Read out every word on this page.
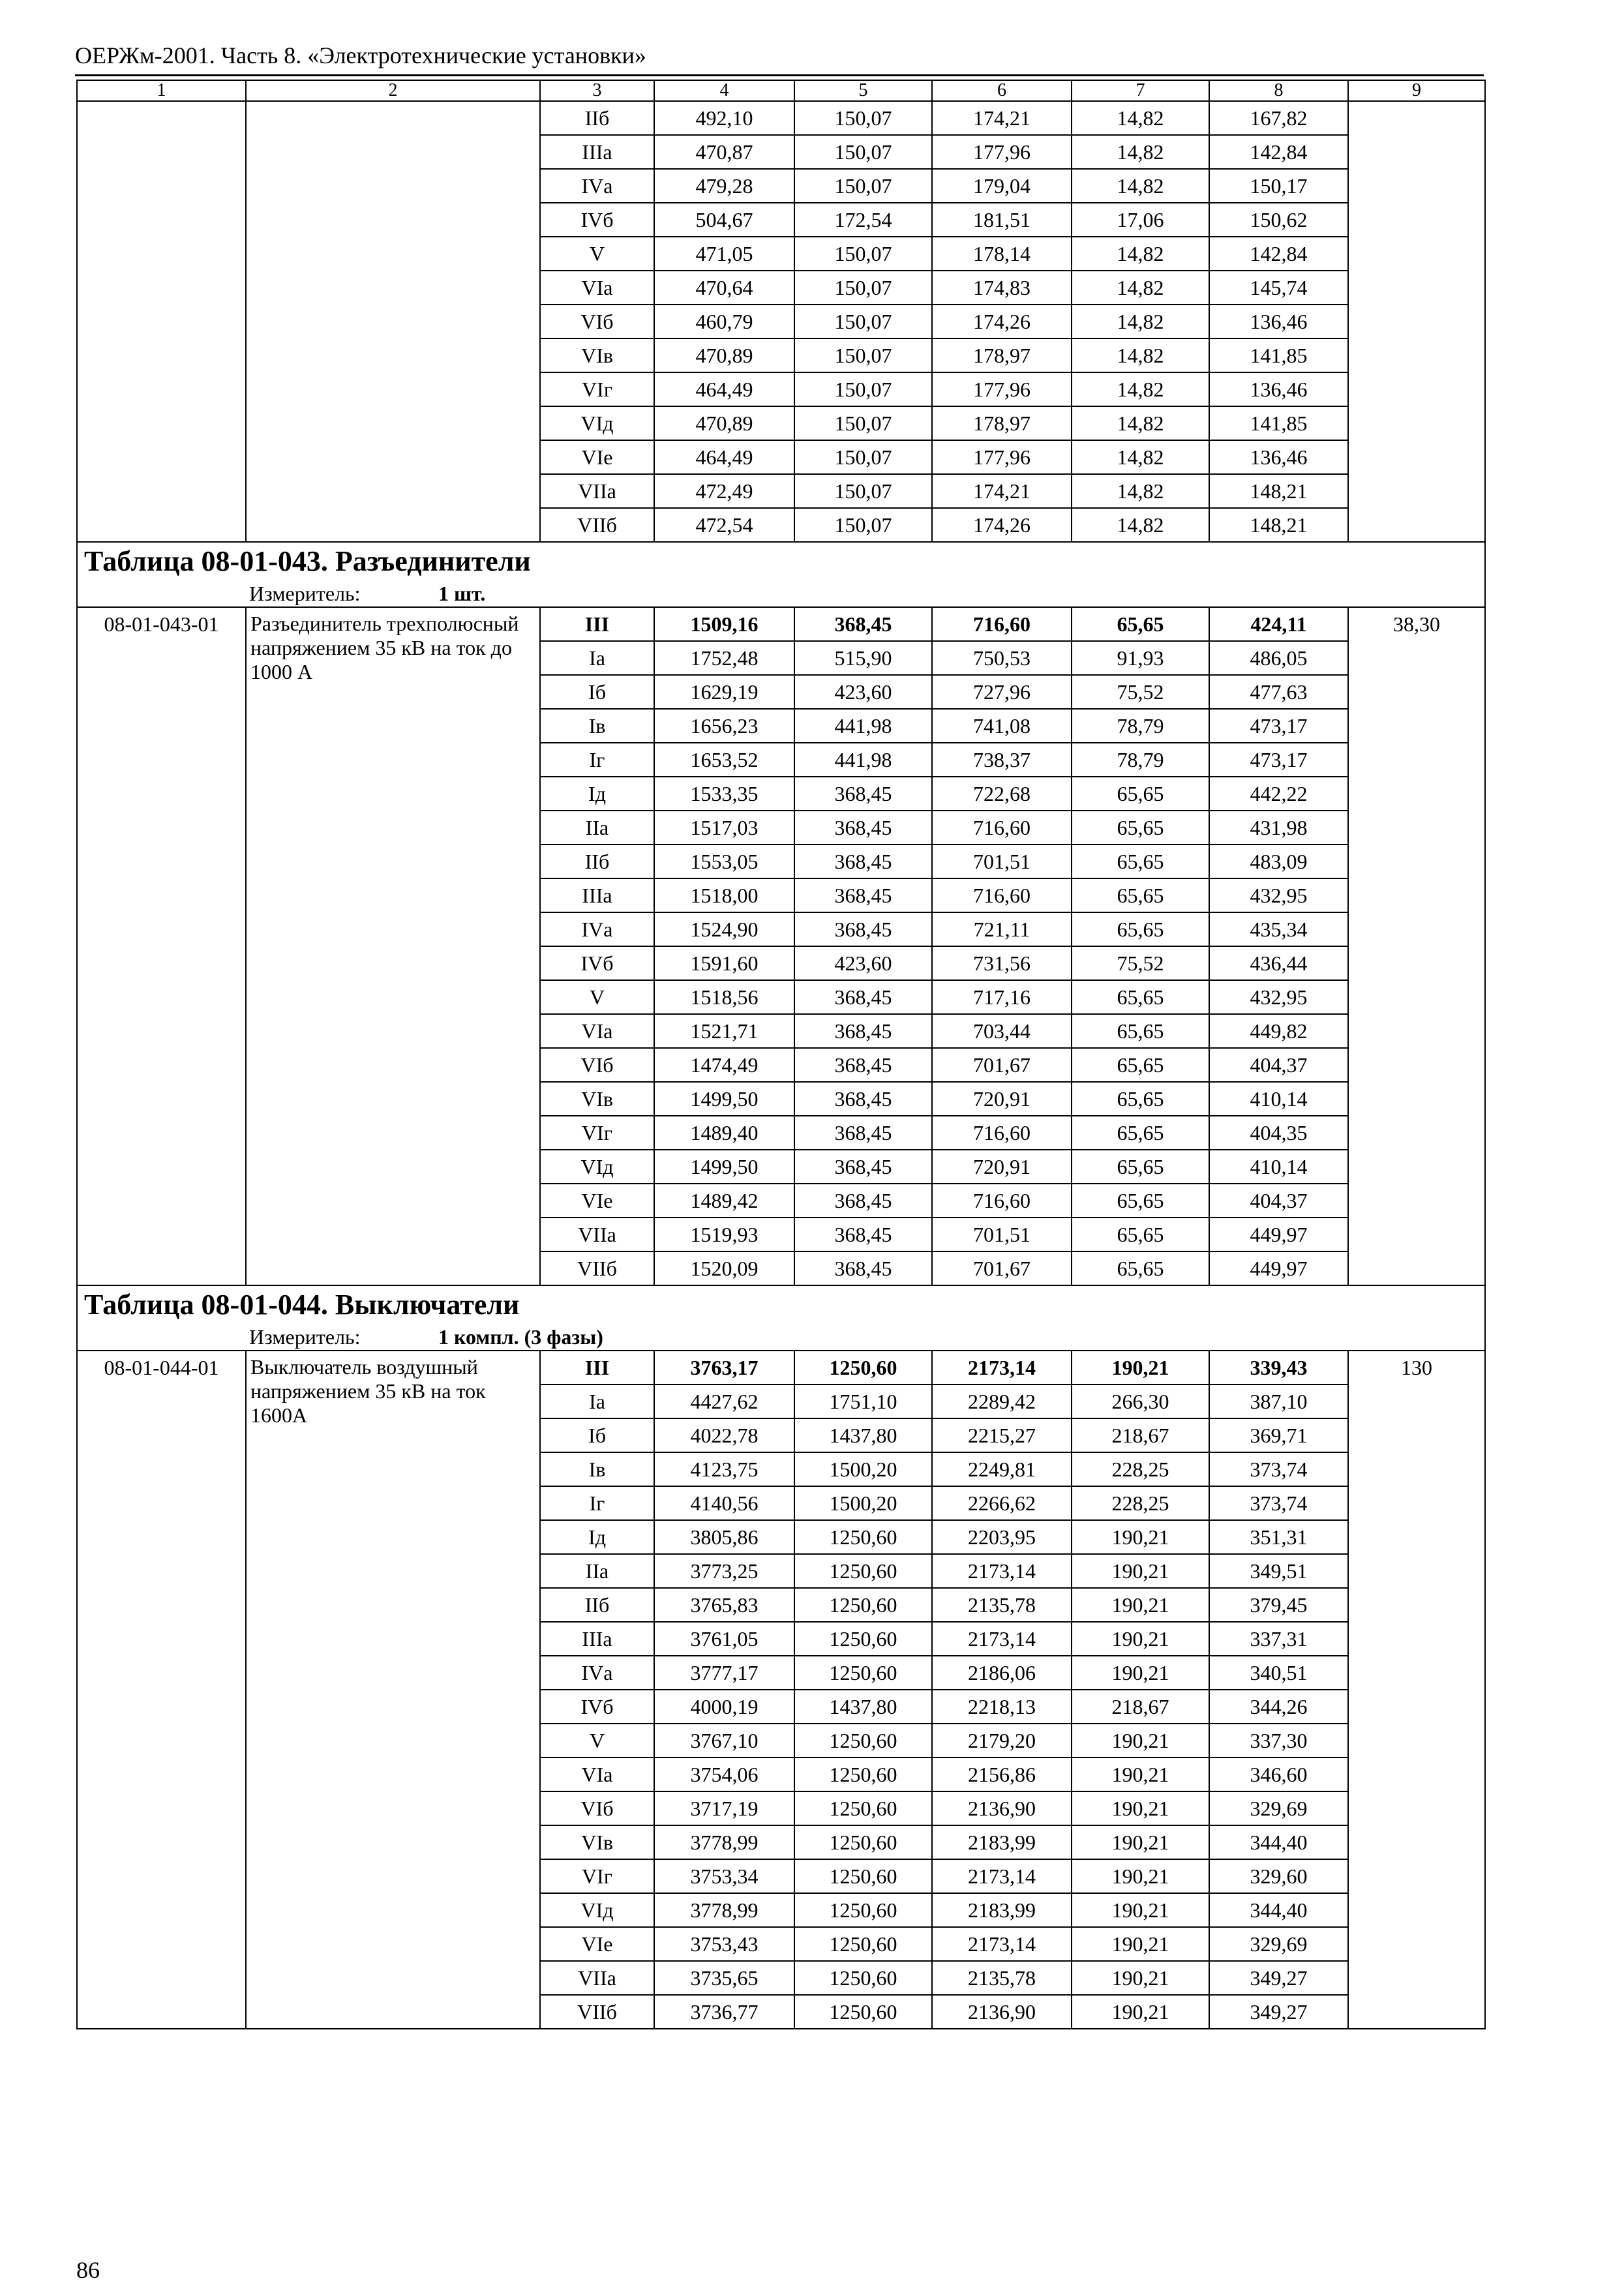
ОЕРЖм-2001. Часть 8. «Электротехнические установки»
1	2	3	4	5	6	7	8	9
		IIб	492,10	150,07	174,21	14,82	167,82	
		IIIа	470,87	150,07	177,96	14,82	142,84	
		IVа	479,28	150,07	179,04	14,82	150,17	
		IVб	504,67	172,54	181,51	17,06	150,62	
		V	471,05	150,07	178,14	14,82	142,84	
		VIа	470,64	150,07	174,83	14,82	145,74	
		VIб	460,79	150,07	174,26	14,82	136,46	
		VIв	470,89	150,07	178,97	14,82	141,85	
		VIг	464,49	150,07	177,96	14,82	136,46	
		VIд	470,89	150,07	178,97	14,82	141,85	
		VIе	464,49	150,07	177,96	14,82	136,46	
		VIIа	472,49	150,07	174,21	14,82	148,21	
		VIIб	472,54	150,07	174,26	14,82	148,21	
Таблица 08-01-043. Разъединители								
Измеритель: 1 шт.								
08-01-043-01	Разъединитель трехполюсный напряжением 35 кВ на ток до 1000 А	III	1509,16	368,45	716,60	65,65	424,11	38,30
		Iа	1752,48	515,90	750,53	91,93	486,05	
		Iб	1629,19	423,60	727,96	75,52	477,63	
		Iв	1656,23	441,98	741,08	78,79	473,17	
		Iг	1653,52	441,98	738,37	78,79	473,17	
		Iд	1533,35	368,45	722,68	65,65	442,22	
		IIа	1517,03	368,45	716,60	65,65	431,98	
		IIб	1553,05	368,45	701,51	65,65	483,09	
		IIIа	1518,00	368,45	716,60	65,65	432,95	
		IVа	1524,90	368,45	721,11	65,65	435,34	
		IVб	1591,60	423,60	731,56	75,52	436,44	
		V	1518,56	368,45	717,16	65,65	432,95	
		VIа	1521,71	368,45	703,44	65,65	449,82	
		VIб	1474,49	368,45	701,67	65,65	404,37	
		VIв	1499,50	368,45	720,91	65,65	410,14	
		VIг	1489,40	368,45	716,60	65,65	404,35	
		VIд	1499,50	368,45	720,91	65,65	410,14	
		VIе	1489,42	368,45	716,60	65,65	404,37	
		VIIа	1519,93	368,45	701,51	65,65	449,97	
		VIIб	1520,09	368,45	701,67	65,65	449,97	
Таблица 08-01-044. Выключатели								
Измеритель: 1 компл. (3 фазы)								
08-01-044-01	Выключатель воздушный напряжением 35 кВ на ток 1600А	III	3763,17	1250,60	2173,14	190,21	339,43	130
		Iа	4427,62	1751,10	2289,42	266,30	387,10	
		Iб	4022,78	1437,80	2215,27	218,67	369,71	
		Iв	4123,75	1500,20	2249,81	228,25	373,74	
		Iг	4140,56	1500,20	2266,62	228,25	373,74	
		Iд	3805,86	1250,60	2203,95	190,21	351,31	
		IIа	3773,25	1250,60	2173,14	190,21	349,51	
		IIб	3765,83	1250,60	2135,78	190,21	379,45	
		IIIа	3761,05	1250,60	2173,14	190,21	337,31	
		IVа	3777,17	1250,60	2186,06	190,21	340,51	
		IVб	4000,19	1437,80	2218,13	218,67	344,26	
		V	3767,10	1250,60	2179,20	190,21	337,30	
		VIа	3754,06	1250,60	2156,86	190,21	346,60	
		VIб	3717,19	1250,60	2136,90	190,21	329,69	
		VIв	3778,99	1250,60	2183,99	190,21	344,40	
		VIг	3753,34	1250,60	2173,14	190,21	329,60	
		VIд	3778,99	1250,60	2183,99	190,21	344,40	
		VIе	3753,43	1250,60	2173,14	190,21	329,69	
		VIIа	3735,65	1250,60	2135,78	190,21	349,27	
		VIIб	3736,77	1250,60	2136,90	190,21	349,27	
86
